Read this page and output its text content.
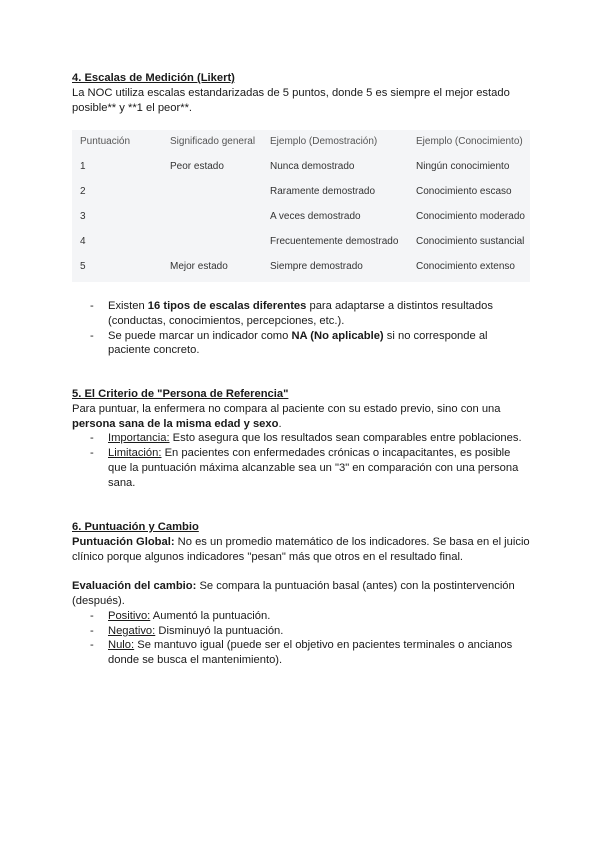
4. Escalas de Medición (Likert)

La NOC utiliza escalas estandarizadas de 5 puntos, donde 5 es siempre el mejor estado posible** y **1 el peor**.

Puntuación	Significado general	Ejemplo (Demostración)	Ejemplo (Conocimiento)
1	Peor estado	Nunca demostrado	Ningún conocimiento
2		Raramente demostrado	Conocimiento escaso
3		A veces demostrado	Conocimiento moderado
4		Frecuentemente demostrado	Conocimiento sustancial
5	Mejor estado	Siempre demostrado	Conocimiento extenso
- Existen 16 tipos de escalas diferentes para adaptarse a distintos resultados (conductas, conocimientos, percepciones, etc.).
- Se puede marcar un indicador como NA (No aplicable) si no corresponde al paciente concreto.

5. El Criterio de "Persona de Referencia"

Para puntuar, la enfermera no compara al paciente con su estado previo, sino con una persona sana de la misma edad y sexo.

- Importancia: Esto asegura que los resultados sean comparables entre poblaciones.
- Limitación: En pacientes con enfermedades crónicas o incapacitantes, es posible que la puntuación máxima alcanzable sea un "3" en comparación con una persona sana.

6. Puntuación y Cambio

Puntuación Global: No es un promedio matemático de los indicadores. Se basa en el juicio clínico porque algunos indicadores "pesan" más que otros en el resultado final.

Evaluación del cambio: Se compara la puntuación basal (antes) con la postintervención (después).

- Positivo: Aumentó la puntuación.
- Negativo: Disminuyó la puntuación.
- Nulo: Se mantuvo igual (puede ser el objetivo en pacientes terminales o ancianos donde se busca el mantenimiento).
